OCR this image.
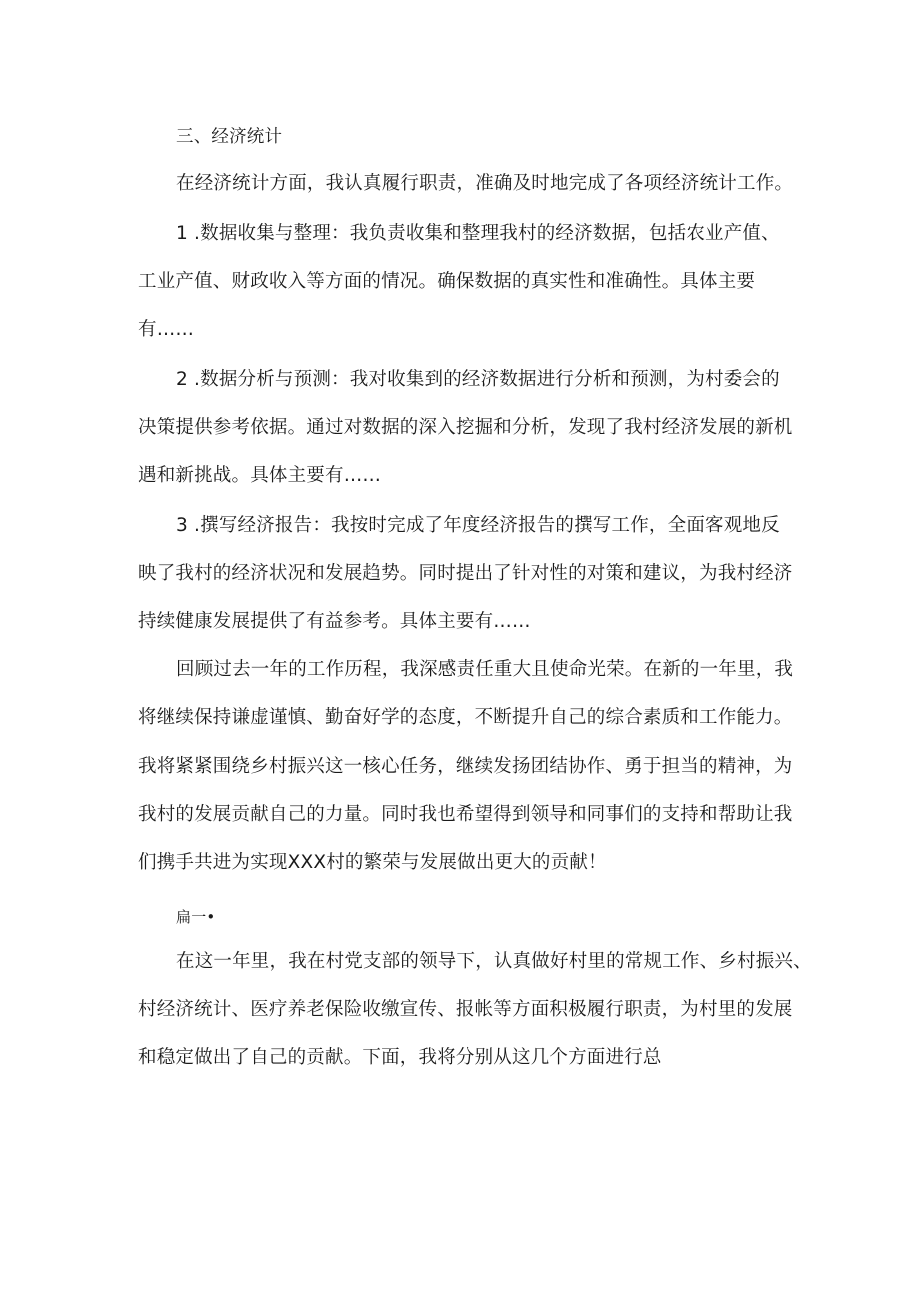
三、经济统计
在经济统计方面，我认真履行职责，准确及时地完成了各项经济统计工作。
1 .数据收集与整理：我负责收集和整理我村的经济数据，包括农业产值、
工业产值、财政收入等方面的情况。确保数据的真实性和准确性。具体主要
有……
2 .数据分析与预测：我对收集到的经济数据进行分析和预测，为村委会的
决策提供参考依据。通过对数据的深入挖掘和分析，发现了我村经济发展的新机
遇和新挑战。具体主要有……
3 .撰写经济报告：我按时完成了年度经济报告的撰写工作，全面客观地反
映了我村的经济状况和发展趋势。同时提出了针对性的对策和建议，为我村经济
持续健康发展提供了有益参考。具体主要有……
回顾过去一年的工作历程，我深感责任重大且使命光荣。在新的一年里，我
将继续保持谦虚谨慎、勤奋好学的态度，不断提升自己的综合素质和工作能力。
我将紧紧围绕乡村振兴这一核心任务，继续发扬团结协作、勇于担当的精神，为
我村的发展贡献自己的力量。同时我也希望得到领导和同事们的支持和帮助让我
们携手共进为实现XXX村的繁荣与发展做出更大的贡献！
扁一•
在这一年里，我在村党支部的领导下，认真做好村里的常规工作、乡村振兴、
村经济统计、医疗养老保险收缴宣传、报帐等方面积极履行职责，为村里的发展
和稳定做出了自己的贡献。下面，我将分别从这几个方面进行总
